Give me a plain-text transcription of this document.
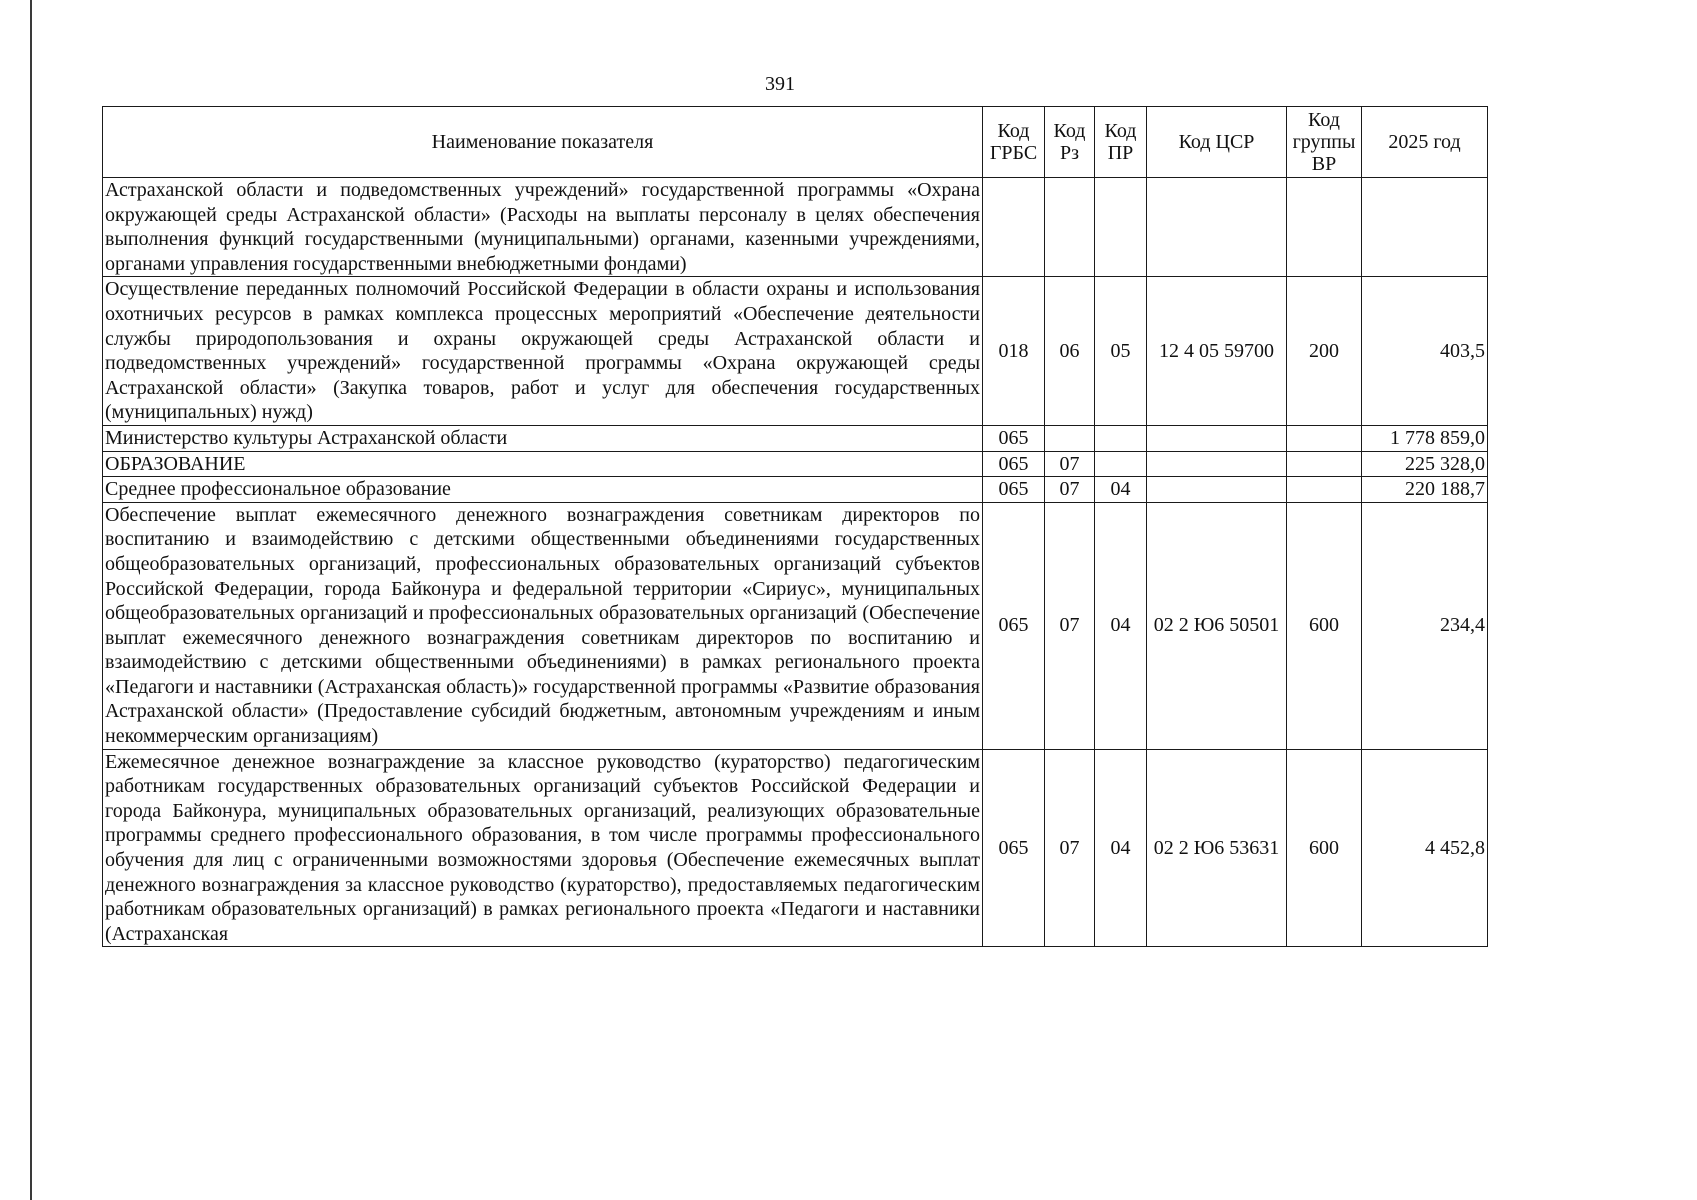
391
Наименование показателя	Код ГРБС	Код Рз	Код ПР	Код ЦСР	Код группы ВР	2025 год
Астраханской области и подведомственных учреждений» государственной программы «Охрана окружающей среды Астраханской области» (Расходы на выплаты персоналу в целях обеспечения выполнения функций государственными (муниципальными) органами, казенными учреждениями, органами управления государственными внебюджетными фондами)						
Осуществление переданных полномочий Российской Федерации в области охраны и использования охотничьих ресурсов в рамках комплекса процессных мероприятий «Обеспечение деятельности службы природопользования и охраны окружающей среды Астраханской области и подведомственных учреждений» государственной программы «Охрана окружающей среды Астраханской области» (Закупка товаров, работ и услуг для обеспечения государственных (муниципальных) нужд)	018	06	05	12 4 05 59700	200	403,5
Министерство культуры Астраханской области	065					1 778 859,0
ОБРАЗОВАНИЕ	065	07				225 328,0
Среднее профессиональное образование	065	07	04			220 188,7
Обеспечение выплат ежемесячного денежного вознаграждения советникам директоров по воспитанию и взаимодействию с детскими общественными объединениями государственных общеобразовательных организаций, профессиональных образовательных организаций субъектов Российской Федерации, города Байконура и федеральной территории «Сириус», муниципальных общеобразовательных организаций и профессиональных образовательных организаций (Обеспечение выплат ежемесячного денежного вознаграждения советникам директоров по воспитанию и взаимодействию с детскими общественными объединениями) в рамках регионального проекта «Педагоги и наставники (Астраханская область)» государственной программы «Развитие образования Астраханской области» (Предоставление субсидий бюджетным, автономным учреждениям и иным некоммерческим организациям)	065	07	04	02 2 Ю6 50501	600	234,4
Ежемесячное денежное вознаграждение за классное руководство (кураторство) педагогическим работникам государственных образовательных организаций субъектов Российской Федерации и города Байконура, муниципальных образовательных организаций, реализующих образовательные программы среднего профессионального образования, в том числе программы профессионального обучения для лиц с ограниченными возможностями здоровья (Обеспечение ежемесячных выплат денежного вознаграждения за классное руководство (кураторство), предоставляемых педагогическим работникам образовательных организаций) в рамках регионального проекта «Педагоги и наставники (Астраханская	065	07	04	02 2 Ю6 53631	600	4 452,8
